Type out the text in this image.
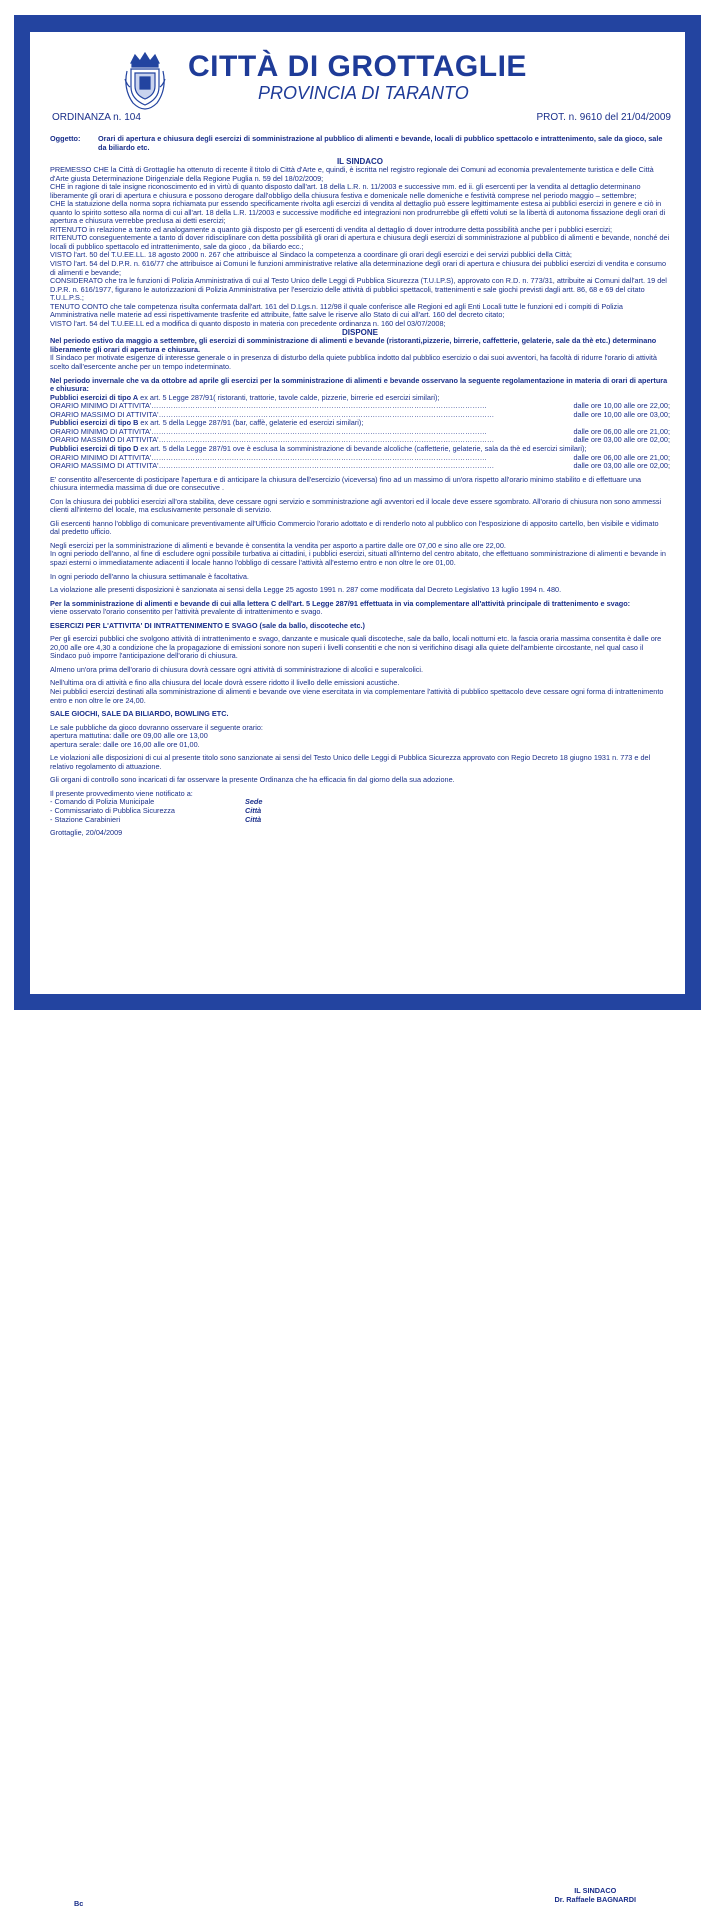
CITTÀ DI GROTTAGLIE
PROVINCIA DI TARANTO
ORDINANZA n. 104	PROT. n. 9610 del 21/04/2009
Oggetto:	Orari di apertura e chiusura degli esercizi di somministrazione al pubblico di alimenti e bevande, locali di pubblico spettacolo e intrattenimento, sale da gioco, sale da biliardo etc.

IL SINDACO

PREMESSO CHE la Città di Grottaglie ha ottenuto di recente il titolo di Città d'Arte e, quindi, è iscritta nel registro regionale dei Comuni ad economia prevalentemente turistica e delle Città d'Arte giusta Determinazione Dirigenziale della Regione Puglia n. 59 del 18/02/2009;

CHE in ragione di tale insigne riconoscimento ed in virtù di quanto disposto dall'art. 18 della L.R. n. 11/2003 e successive mm. ed ii. gli esercenti per la vendita al dettaglio determinano liberamente gli orari di apertura e chiusura e possono derogare dall'obbligo della chiusura festiva e domenicale nelle domeniche e festività comprese nel periodo maggio – settembre;

CHE la statuizione della norma sopra richiamata pur essendo specificamente rivolta agli esercizi di vendita al dettaglio può essere legittimamente estesa ai pubblici esercizi in genere e ciò in quanto lo spirito sotteso alla norma di cui all'art. 18 della L.R. 11/2003 e successive modifiche ed integrazioni non prodrurrebbe gli effetti voluti se la libertà di autonoma fissazione degli orari di apertura e chiusura verrebbe preclusa ai detti esercizi;

RITENUTO in relazione a tanto ed analogamente a quanto già disposto per gli esercenti di vendita al dettaglio di dover introdurre detta possibilità anche per i pubblici esercizi;

RITENUTO conseguentemente a tanto di dover ridisciplinare con detta possibilità gli orari di apertura e chiusura degli esercizi di somministrazione al pubblico di alimenti e bevande, nonché dei locali di pubblico spettacolo ed intrattenimento, sale da gioco , da biliardo ecc.;

VISTO l'art. 50 del T.U.EE.LL. 18 agosto 2000 n. 267 che attribuisce al Sindaco la competenza a coordinare gli orari degli esercizi e dei servizi pubblici della Città;

VISTO l'art. 54 del D.P.R. n. 616/77 che attribuisce ai Comuni le funzioni amministrative relative alla determinazione degli orari di apertura e chiusura dei pubblici esercizi di vendita e consumo di alimenti e bevande;

CONSIDERATO che tra le funzioni di Polizia Amministrativa di cui al Testo Unico delle Leggi di Pubblica Sicurezza (T.U.LP.S), approvato con R.D. n. 773/31, attribuite ai Comuni dall'art. 19 del D.P.R. n. 616/1977, figurano le autorizzazioni di Polizia Amministrativa per l'esercizio delle attività di pubblici spettacoli, trattenimenti e sale giochi previsti dagli artt. 86, 68 e 69 del citato T.U.L.P.S.;

TENUTO CONTO che tale competenza risulta confermata dall'art. 161 del D.Lgs.n. 112/98 il quale conferisce alle Regioni ed agli Enti Locali tutte le funzioni ed i compiti di Polizia Amministrativa nelle materie ad essi rispettivamente trasferite ed attribuite, fatte salve le riserve allo Stato di cui all'art. 160 del decreto citato;

VISTO l'art. 54 del T.U.EE.LL ed a modifica di quanto disposto in materia con precedente ordinanza n. 160 del 03/07/2008;

DISPONE

Nel periodo estivo da maggio a settembre, gli esercizi di somministrazione di alimenti e bevande (ristoranti,pizzerie, birrerie, caffetterie, gelaterie, sale da thè etc.) determinano liberamente gli orari di apertura e chiusura.

Il Sindaco per motivate esigenze di interesse generale o in presenza di disturbo della quiete pubblica indotto dal pubblico esercizio o dai suoi avventori, ha facoltà di ridurre l'orario di attività scelto dall'esercente anche per un tempo indeterminato.

Nel periodo invernale che va da ottobre ad aprile gli esercizi per la somministrazione di alimenti e bevande osservano la seguente regolamentazione in materia di orari di apertura e chiusura:

Pubblici esercizi di tipo A ex art. 5 Legge 287/91( ristoranti, trattorie, tavole calde, pizzerie, birrerie ed esercizi similari);

ORARIO MINIMO DI ATTIVITA' …………………………………………………………………………………………………………………………	dalle ore 10,00 alle ore 22,00;
ORARIO MASSIMO DI ATTIVITA' …………………………………………………………………………………………………………………………	dalle ore 10,00 alle ore 03,00;

Pubblici esercizi di tipo B ex art. 5 della Legge 287/91 (bar, caffè, gelaterie ed esercizi similari);

ORARIO MINIMO DI ATTIVITA' …………………………………………………………………………………………………………………………	dalle ore 06,00 alle ore 21,00;
ORARIO MASSIMO DI ATTIVITA' …………………………………………………………………………………………………………………………	dalle ore 03,00 alle ore 02,00;

Pubblici esercizi di tipo D ex art. 5 della Legge 287/91 ove è esclusa la somministrazione di bevande alcoliche (caffetterie, gelaterie, sala da thè ed esercizi similari);

ORARIO MINIMO DI ATTIVITA' …………………………………………………………………………………………………………………………	dalle ore 06,00 alle ore 21,00;
ORARIO MASSIMO DI ATTIVITA' …………………………………………………………………………………………………………………………	dalle ore 03,00 alle ore 02,00;

E' consentito all'esercente di posticipare l'apertura e di anticipare la chiusura dell'esercizio (viceversa) fino ad un massimo di un'ora rispetto all'orario minimo stabilito e di effettuare una chiusura intermedia massima di due ore consecutive .

Con la chiusura dei pubblici esercizi all'ora stabilita, deve cessare ogni servizio e somministrazione agli avventori ed il locale deve essere sgombrato. All'orario di chiusura non sono ammessi clienti all'interno del locale, ma esclusivamente personale di servizio.

Gli esercenti hanno l'obbligo di comunicare preventivamente all'Ufficio Commercio l'orario adottato e di renderlo noto al pubblico con l'esposizione di apposito cartello, ben visibile e vidimato dal predetto ufficio.

Negli esercizi per la somministrazione di alimenti e bevande è consentita la vendita per asporto a partire dalle ore 07,00 e sino alle ore 22,00.

In ogni periodo dell'anno, al fine di escludere ogni possibile turbativa ai cittadini, i pubblici esercizi, situati all'interno del centro abitato, che effettuano somministrazione di alimenti e bevande in spazi esterni o immediatamente adiacenti il locale hanno l'obbligo di cessare l'attività all'esterno entro e non oltre le ore 01,00.

In ogni periodo dell'anno la chiusura settimanale è facoltativa.

La violazione alle presenti disposizioni è sanzionata ai sensi della Legge 25 agosto 1991 n. 287 come modificata dal Decreto Legislativo 13 luglio 1994 n. 480.

Per la somministrazione di alimenti e bevande di cui alla lettera C dell'art. 5 Legge 287/91 effettuata in via complementare all'attività principale di trattenimento e svago:

viene osservato l'orario consentito per l'attività prevalente di intrattenimento e svago.

ESERCIZI PER L'ATTIVITA' DI INTRATTENIMENTO E SVAGO (sale da ballo, discoteche etc.)

Per gli esercizi pubblici che svolgono attività di intrattenimento e svago, danzante e musicale quali discoteche, sale da ballo, locali notturni etc. la fascia oraria massima consentita è dalle ore 20,00 alle ore 4,30 a condizione che la propagazione di emissioni sonore non superi i livelli consentiti e che non si verifichino disagi alla quiete dell'ambiente circostante, nel qual caso il Sindaco può imporre l'anticipazione dell'orario di chiusura.

Almeno un'ora prima dell'orario di chiusura dovrà cessare ogni attività di somministrazione di alcolici e superalcolici.

Nell'ultima ora di attività e fino alla chiusura del locale dovrà essere ridotto il livello delle emissioni acustiche.

Nei pubblici esercizi destinati alla somministrazione di alimenti e bevande ove viene esercitata in via complementare l'attività di pubblico spettacolo deve cessare ogni forma di intrattenimento entro e non oltre le ore 24,00.

SALE GIOCHI, SALE DA BILIARDO, BOWLING ETC.

Le sale pubbliche da gioco dovranno osservare il seguente orario:

apertura mattutina: dalle ore 09,00 alle ore 13,00

apertura serale: dalle ore 16,00 alle ore 01,00.

Le violazioni alle disposizioni di cui al presente titolo sono sanzionate ai sensi del Testo Unico delle Leggi di Pubblica Sicurezza approvato con Regio Decreto 18 giugno 1931 n. 773 e del relativo regolamento di attuazione.

Gli organi di controllo sono incaricati di far osservare la presente Ordinanza che ha efficacia fin dal giorno della sua adozione.

Il presente provvedimento viene notificato a:

- Comando di Polizia Municipale	Sede
- Commissariato di Pubblica Sicurezza	Città
- Stazione Carabinieri	Città

Grottaglie, 20/04/2009

Bc
IL SINDACO
Dr. Raffaele BAGNARDI
